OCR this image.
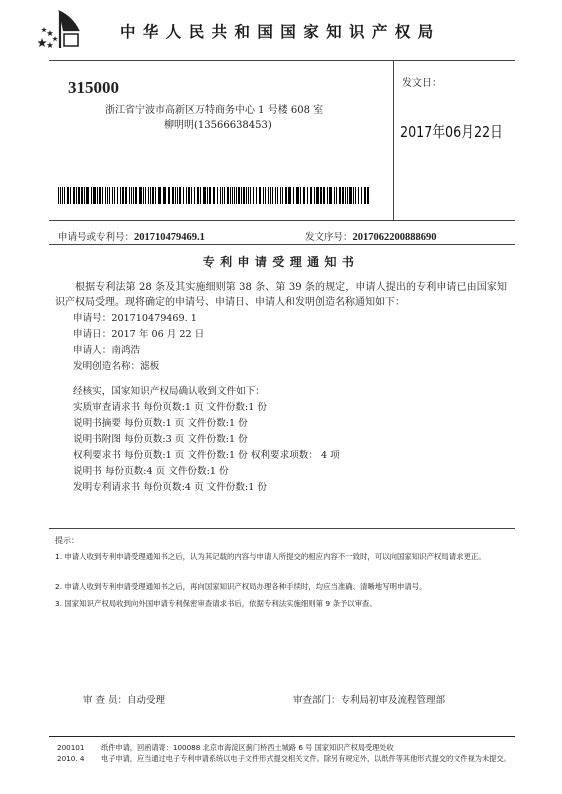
中华人民共和国国家知识产权局
315000
浙江省宁波市高新区万特商务中心 1 号楼 608 室
柳明明(13566638453)
发文日：
2017年06月22日
申请号或专利号：201710479469.1	发文序号：2017062200888690
专利申请受理通知书
根据专利法第 28 条及其实施细则第 38 条、第 39 条的规定，申请人提出的专利申请已由国家知识产权局受理。现将确定的申请号、申请日、申请人和发明创造名称通知如下：
申请号：201710479469. 1
申请日：2017 年 06 月 22 日
申请人：南鸿浩
发明创造名称：滤板
经核实，国家知识产权局确认收到文件如下：
实质审查请求书 每份页数:1 页 文件份数:1 份
说明书摘要 每份页数:1 页 文件份数:1 份
说明书附图 每份页数:3 页 文件份数:1 份
权利要求书 每份页数:1 页 文件份数:1 份 权利要求项数： 4 项
说明书 每份页数:4 页 文件份数:1 份
发明专利请求书 每份页数:4 页 文件份数:1 份
提示：
1. 申请人收到专利申请受理通知书之后，认为其记载的内容与申请人所提交的相应内容不一致时，可以向国家知识产权局请求更正。
2. 申请人收到专利申请受理通知书之后，再向国家知识产权局办理各种手续时，均应当准确、清晰地写明申请号。
3. 国家知识产权局收到向外国申请专利保密审查请求书后，依据专利法实施细则第 9 条予以审查。
审 查 员：自动受理	审查部门：专利局初审及流程管理部
200101
2010. 4
纸件申请，回函请寄：100088 北京市海淀区蓟门桥西土城路 6 号 国家知识产权局受理处收
电子申请，应当通过电子专利申请系统以电子文件形式提交相关文件。除另有规定外，以纸件等其他形式提交的文件视为未提交。
